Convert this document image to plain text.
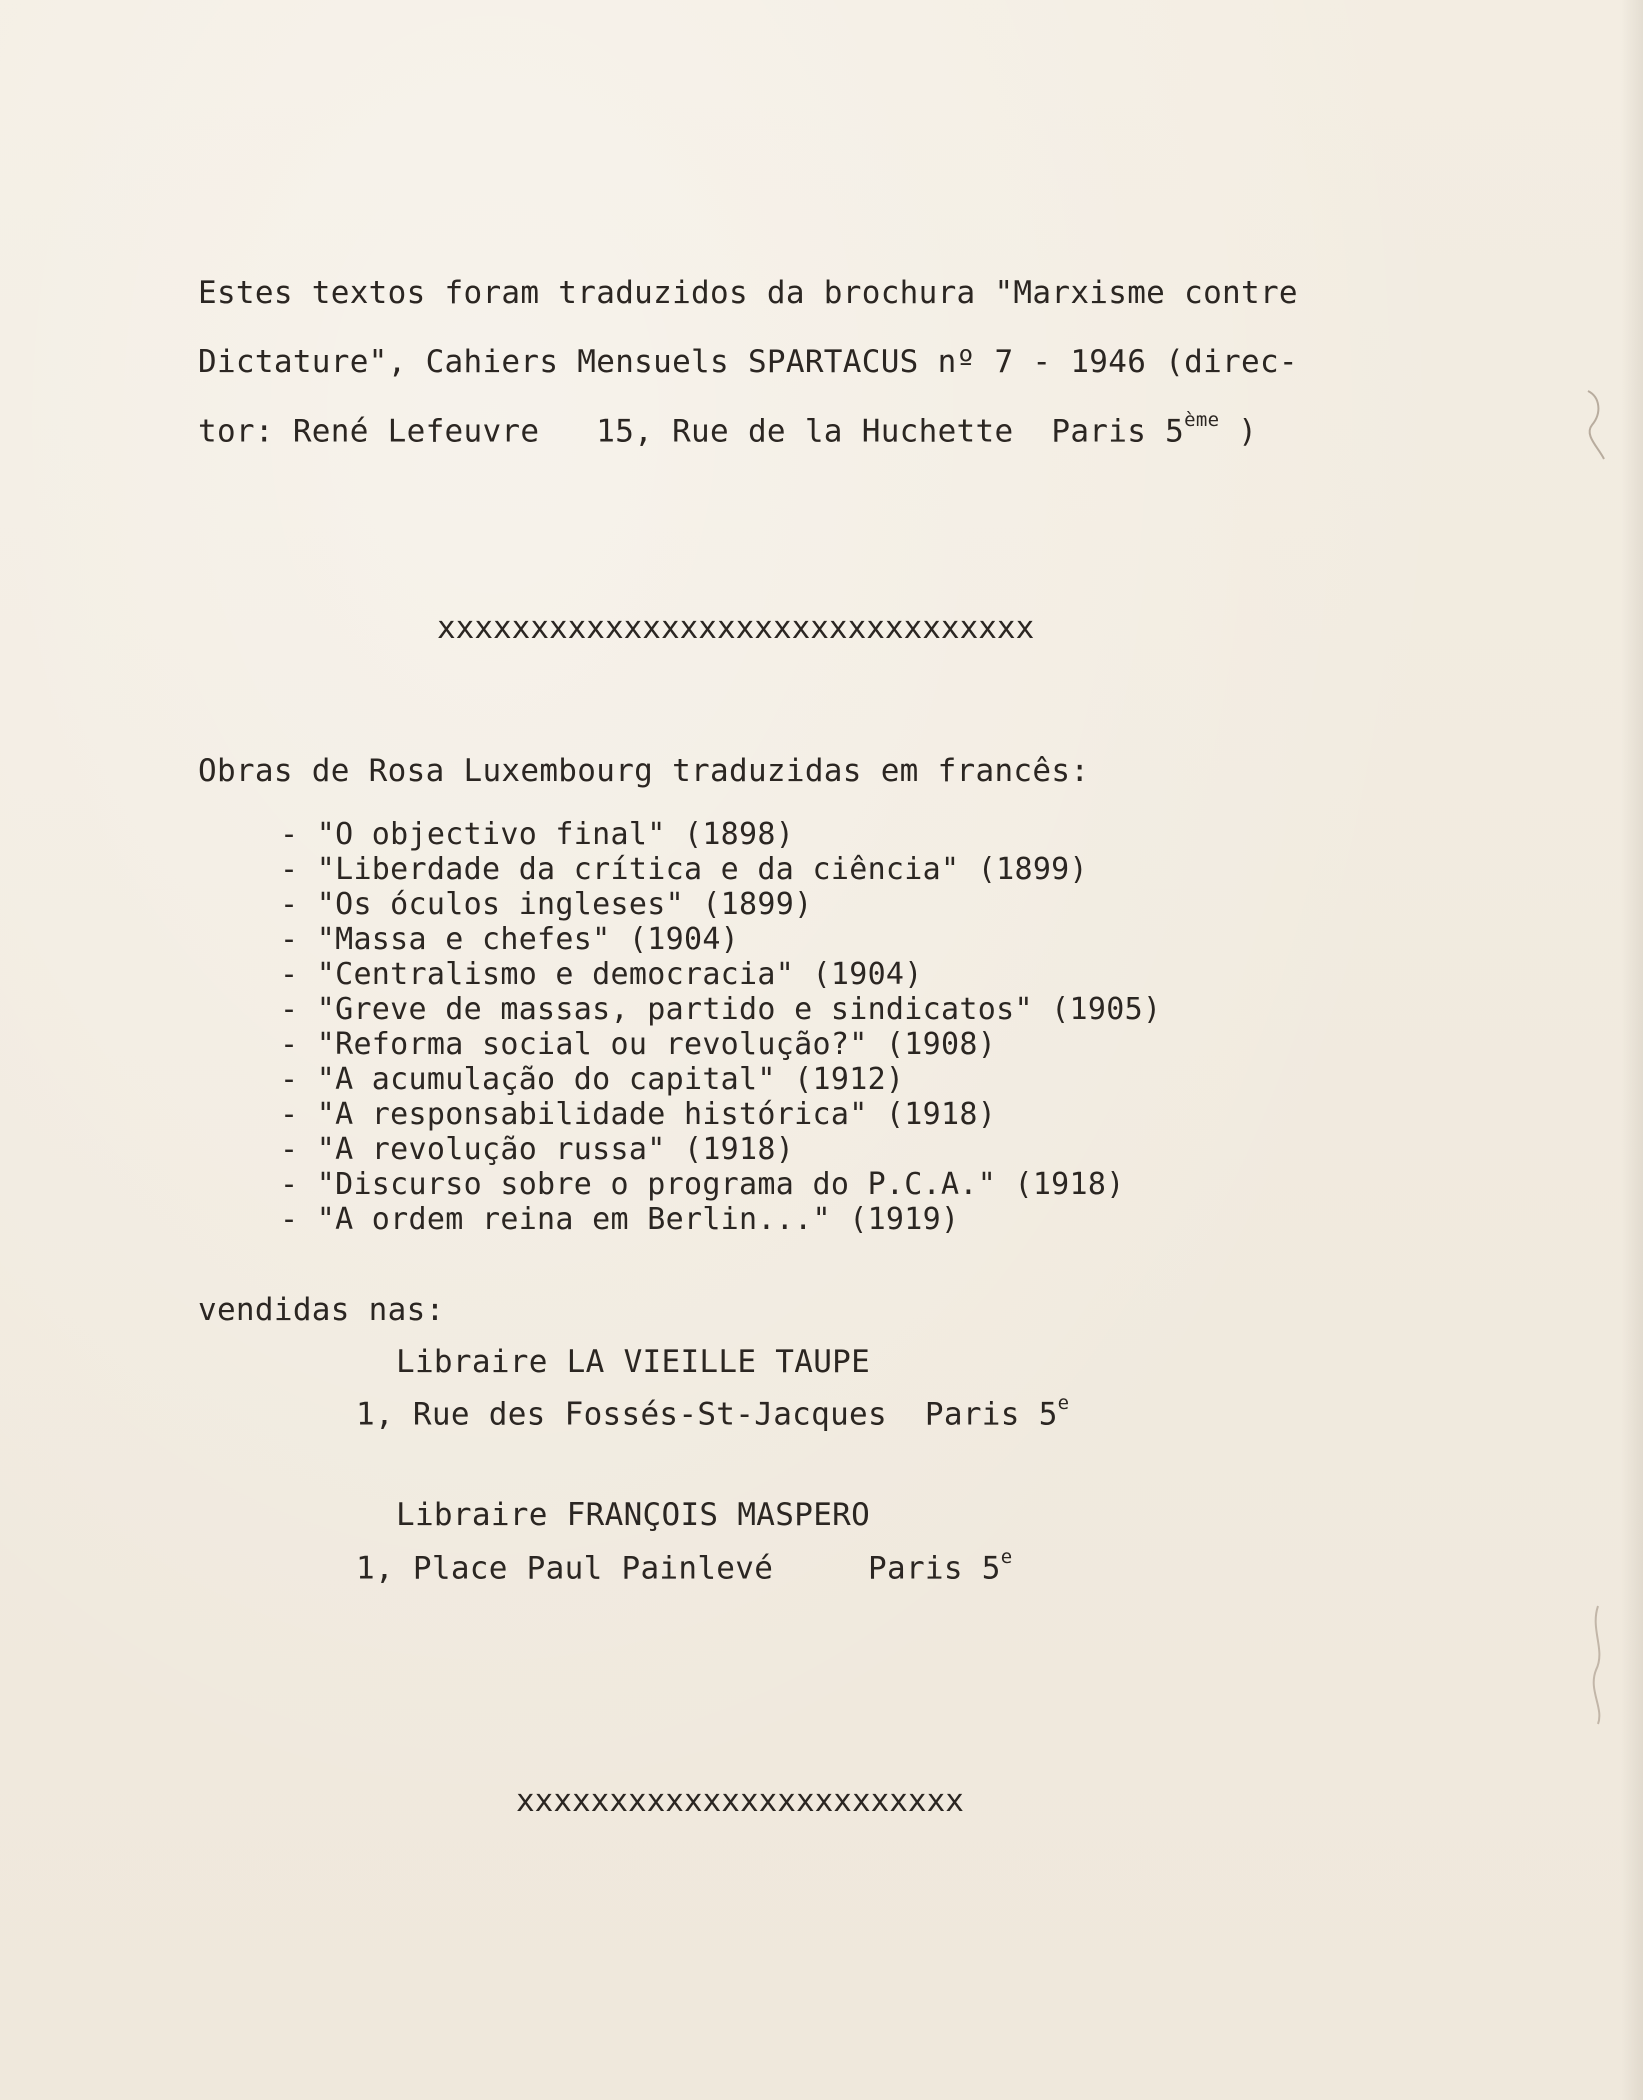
Estes textos foram traduzidos da brochura "Marxisme contre
Dictature", Cahiers Mensuels SPARTACUS nº 7 - 1946 (direc-
tor: René Lefeuvre   15, Rue de la Huchette  Paris 5ème )
xxxxxxxxxxxxxxxxxxxxxxxxxxxxxxxx
Obras de Rosa Luxembourg traduzidas em francês:
- "O objectivo final" (1898)
- "Liberdade da crítica e da ciência" (1899)
- "Os óculos ingleses" (1899)
- "Massa e chefes" (1904)
- "Centralismo e democracia" (1904)
- "Greve de massas, partido e sindicatos" (1905)
- "Reforma social ou revolução?" (1908)
- "A acumulação do capital" (1912)
- "A responsabilidade histórica" (1918)
- "A revolução russa" (1918)
- "Discurso sobre o programa do P.C.A." (1918)
- "A ordem reina em Berlin..." (1919)
vendidas nas:
Libraire LA VIEILLE TAUPE
1, Rue des Fossés-St-Jacques  Paris 5e
Libraire FRANÇOIS MASPERO
1, Place Paul Painlevé     Paris 5e
xxxxxxxxxxxxxxxxxxxxxxxx
